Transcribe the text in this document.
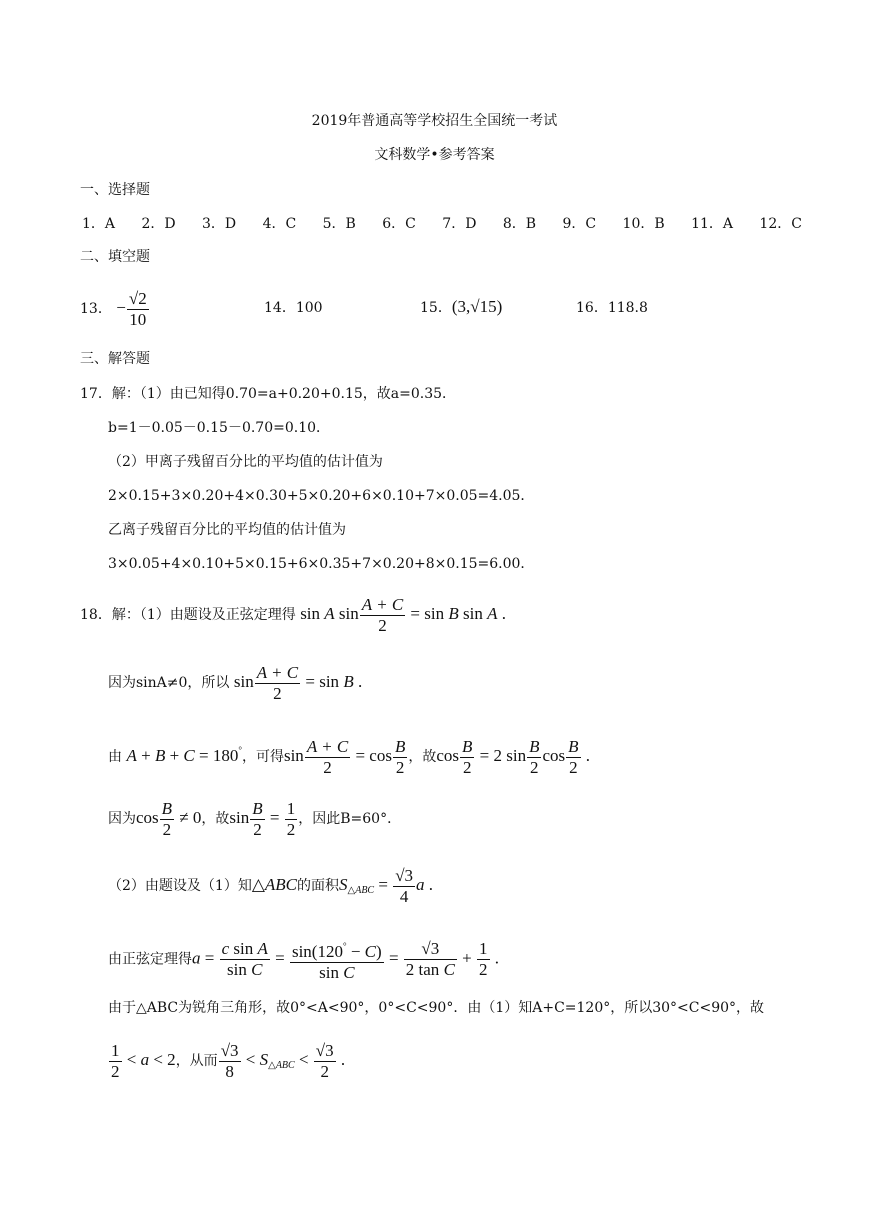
2019年普通高等学校招生全国统一考试
文科数学•参考答案
一、选择题
1．A 2．D 3．D 4．C 5．B 6．C 7．D 8．B 9．C 10．B 11．A 12．C
二、填空题
13． − $\frac{√2}{10}$	14．100	15．(3,√15)	16．118.8
三、解答题
17．解：（1）由已知得0.70=a+0.20+0.15，故a=0.35．
b=1－0.05－0.15－0.70=0.10．
（2）甲离子残留百分比的平均值的估计值为
2×0.15+3×0.20+4×0.30+5×0.20+6×0.10+7×0.05=4.05．
乙离子残留百分比的平均值的估计值为
3×0.05+4×0.10+5×0.15+6×0.35+7×0.20+8×0.15=6.00．
18．解：（1）由题设及正弦定理得 sin A $\sin \frac{A + C}{2} = \sin B$ sin A .
因为sinA≠0，所以 $\sin \frac{A + C}{2} = \sin B$ .
由 A + B + C = 180°，可得$\sin \frac{A + C}{2} = \cos \frac{B}{2}$ ，故$\cos \frac{B}{2} = 2$ $\sin \frac{B}{2}$ $\cos \frac{B}{2}$ .
因为$\cos \frac{B}{2} \ne 0$，故$\sin \frac{B}{2} = \frac{1}{2}$ ，因此B=60°．
（2）由题设及（1）知△ABC的面积$S_{\triangle ABC} = \frac{√3}{4}$ a .
由正弦定理得$a = \frac{\text{c sin A}}{\text{sin C}} = \frac{\sin(120^\circ - C)}{\text{sin C}} = \frac{√3}{\text{2 tan C}} + \frac{1}{2}$ .
由于△ABC为锐角三角形，故0°<A<90°，0°<C<90°．由（1）知A+C=120°，所以30°<C<90°，故
$\frac{1}{2} < a < 2$，从而 $\frac{√3}{8} < S_{\triangle ABC} < \frac{√3}{2}$ .
